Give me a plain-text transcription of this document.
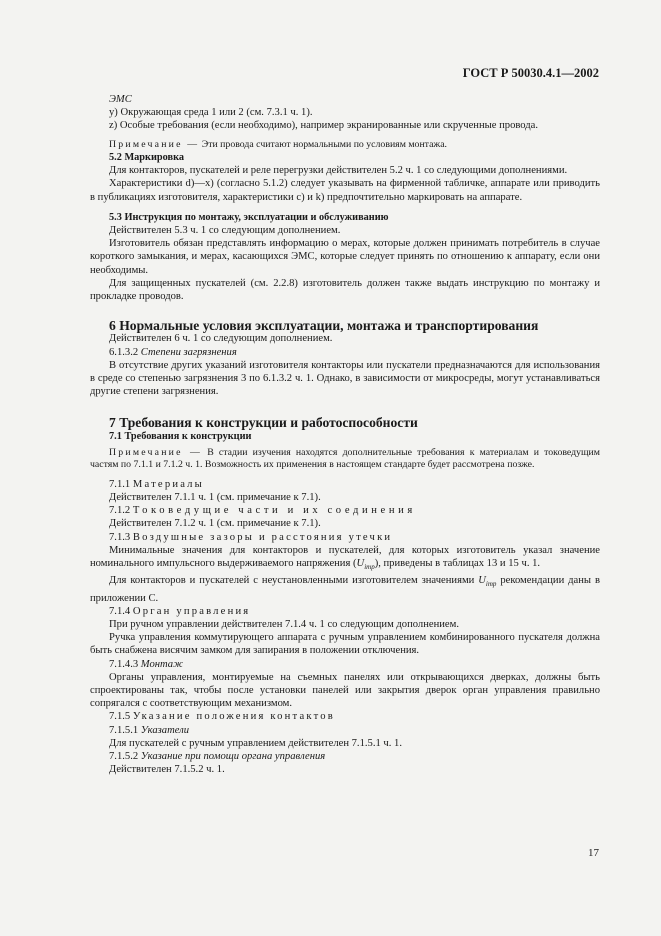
ГОСТ Р 50030.4.1—2002

ЭМС

y) Окружающая среда 1 или 2 (см. 7.3.1 ч. 1).

z) Особые требования (если необходимо), например экранированные или скрученные провода.

Примечание — Эти провода считают нормальными по условиям монтажа.

5.2 Маркировка

Для контакторов, пускателей и реле перегрузки действителен 5.2 ч. 1 со следующими дополнениями.

Характеристики d)—x) (согласно 5.1.2) следует указывать на фирменной табличке, аппарате или приводить в публикациях изготовителя, характеристики с) и k) предпочтительно маркировать на аппарате.

5.3 Инструкция по монтажу, эксплуатации и обслуживанию

Действителен 5.3 ч. 1 со следующим дополнением.

Изготовитель обязан представлять информацию о мерах, которые должен принимать потребитель в случае короткого замыкания, и мерах, касающихся ЭМС, которые следует принять по отношению к аппарату, если они необходимы.

Для защищенных пускателей (см. 2.2.8) изготовитель должен также выдать инструкцию по монтажу и прокладке проводов.

6 Нормальные условия эксплуатации, монтажа и транспортирования

Действителен 6 ч. 1 со следующим дополнением.

6.1.3.2 Степени загрязнения

В отсутствие других указаний изготовителя контакторы или пускатели предназначаются для использования в среде со степенью загрязнения 3 по 6.1.3.2 ч. 1. Однако, в зависимости от микросреды, могут устанавливаться другие степени загрязнения.

7 Требования к конструкции и работоспособности

7.1 Требования к конструкции

Примечание — В стадии изучения находятся дополнительные требования к материалам и токоведущим частям по 7.1.1 и 7.1.2 ч. 1. Возможность их применения в настоящем стандарте будет рассмотрена позже.

7.1.1 Материалы

Действителен 7.1.1 ч. 1 (см. примечание к 7.1).

7.1.2 Токоведущие части и их соединения

Действителен 7.1.2 ч. 1 (см. примечание к 7.1).

7.1.3 Воздушные зазоры и расстояния утечки

Минимальные значения для контакторов и пускателей, для которых изготовитель указал значение номинального импульсного выдерживаемого напряжения $(U_{imp})$, приведены в таблицах 13 и 15 ч. 1.

Для контакторов и пускателей с неустановленными изготовителем значениями $U_{imp}$ рекомендации даны в приложении С.

7.1.4 Орган управления

При ручном управлении действителен 7.1.4 ч. 1 со следующим дополнением.

Ручка управления коммутирующего аппарата с ручным управлением комбинированного пускателя должна быть снабжена висячим замком для запирания в положении отключения.

7.1.4.3 Монтаж

Органы управления, монтируемые на съемных панелях или открывающихся дверках, должны быть спроектированы так, чтобы после установки панелей или закрытия дверок орган управления правильно сопрягался с соответствующим механизмом.

7.1.5 Указание положения контактов

7.1.5.1 Указатели

Для пускателей с ручным управлением действителен 7.1.5.1 ч. 1.

7.1.5.2 Указание при помощи органа управления

Действителен 7.1.5.2 ч. 1.

17
